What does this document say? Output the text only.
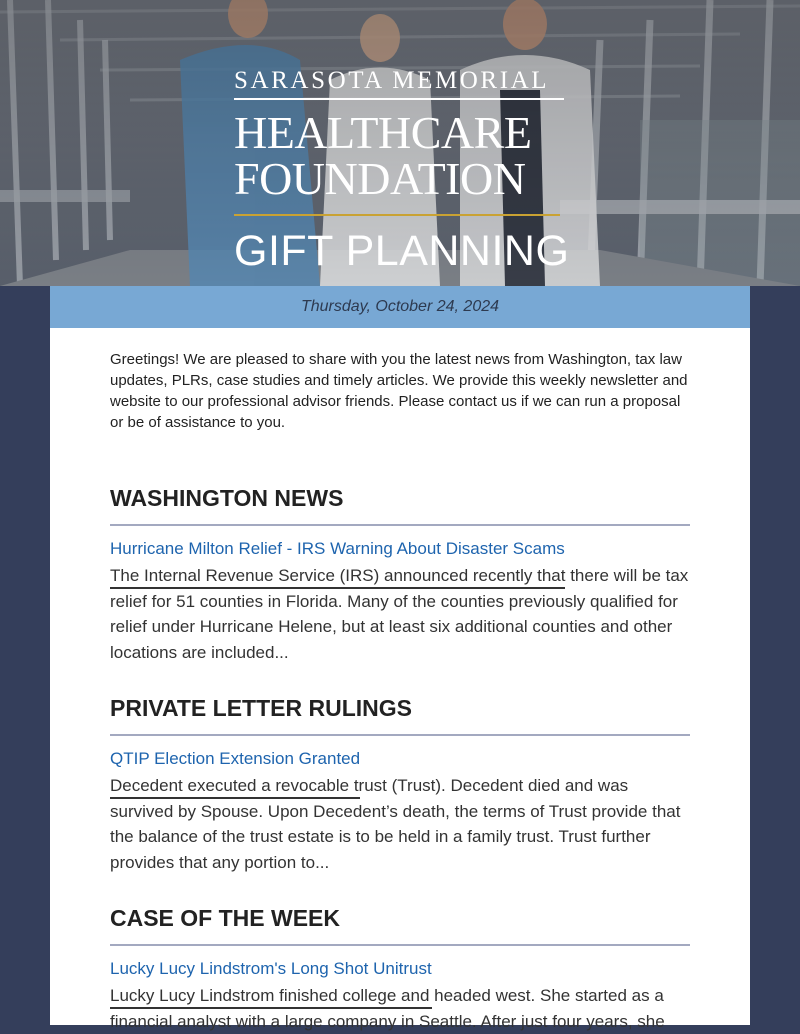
SARASOTA MEMORIAL
HEALTHCARE
FOUNDATION
GIFT PLANNING
Thursday, October 24, 2024

Greetings! We are pleased to share with you the latest news from Washington, tax law updates, PLRs, case studies and timely articles. We provide this weekly newsletter and website to our professional advisor friends. Please contact us if we can run a proposal or be of assistance to you.

WASHINGTON NEWS
Hurricane Milton Relief - IRS Warning About Disaster Scams

The Internal Revenue Service (IRS) announced recently that there will be tax relief for 51 counties in Florida. Many of the counties previously qualified for relief under Hurricane Helene, but at least six additional counties and other locations are included...

PRIVATE LETTER RULINGS
QTIP Election Extension Granted

Decedent executed a revocable trust (Trust). Decedent died and was survived by Spouse. Upon Decedent’s death, the terms of Trust provide that the balance of the trust estate is to be held in a family trust. Trust further provides that any portion to...

CASE OF THE WEEK
Lucky Lucy Lindstrom's Long Shot Unitrust

Lucky Lucy Lindstrom finished college and headed west. She started as a financial analyst with a large company in Seattle. After just four years, she
